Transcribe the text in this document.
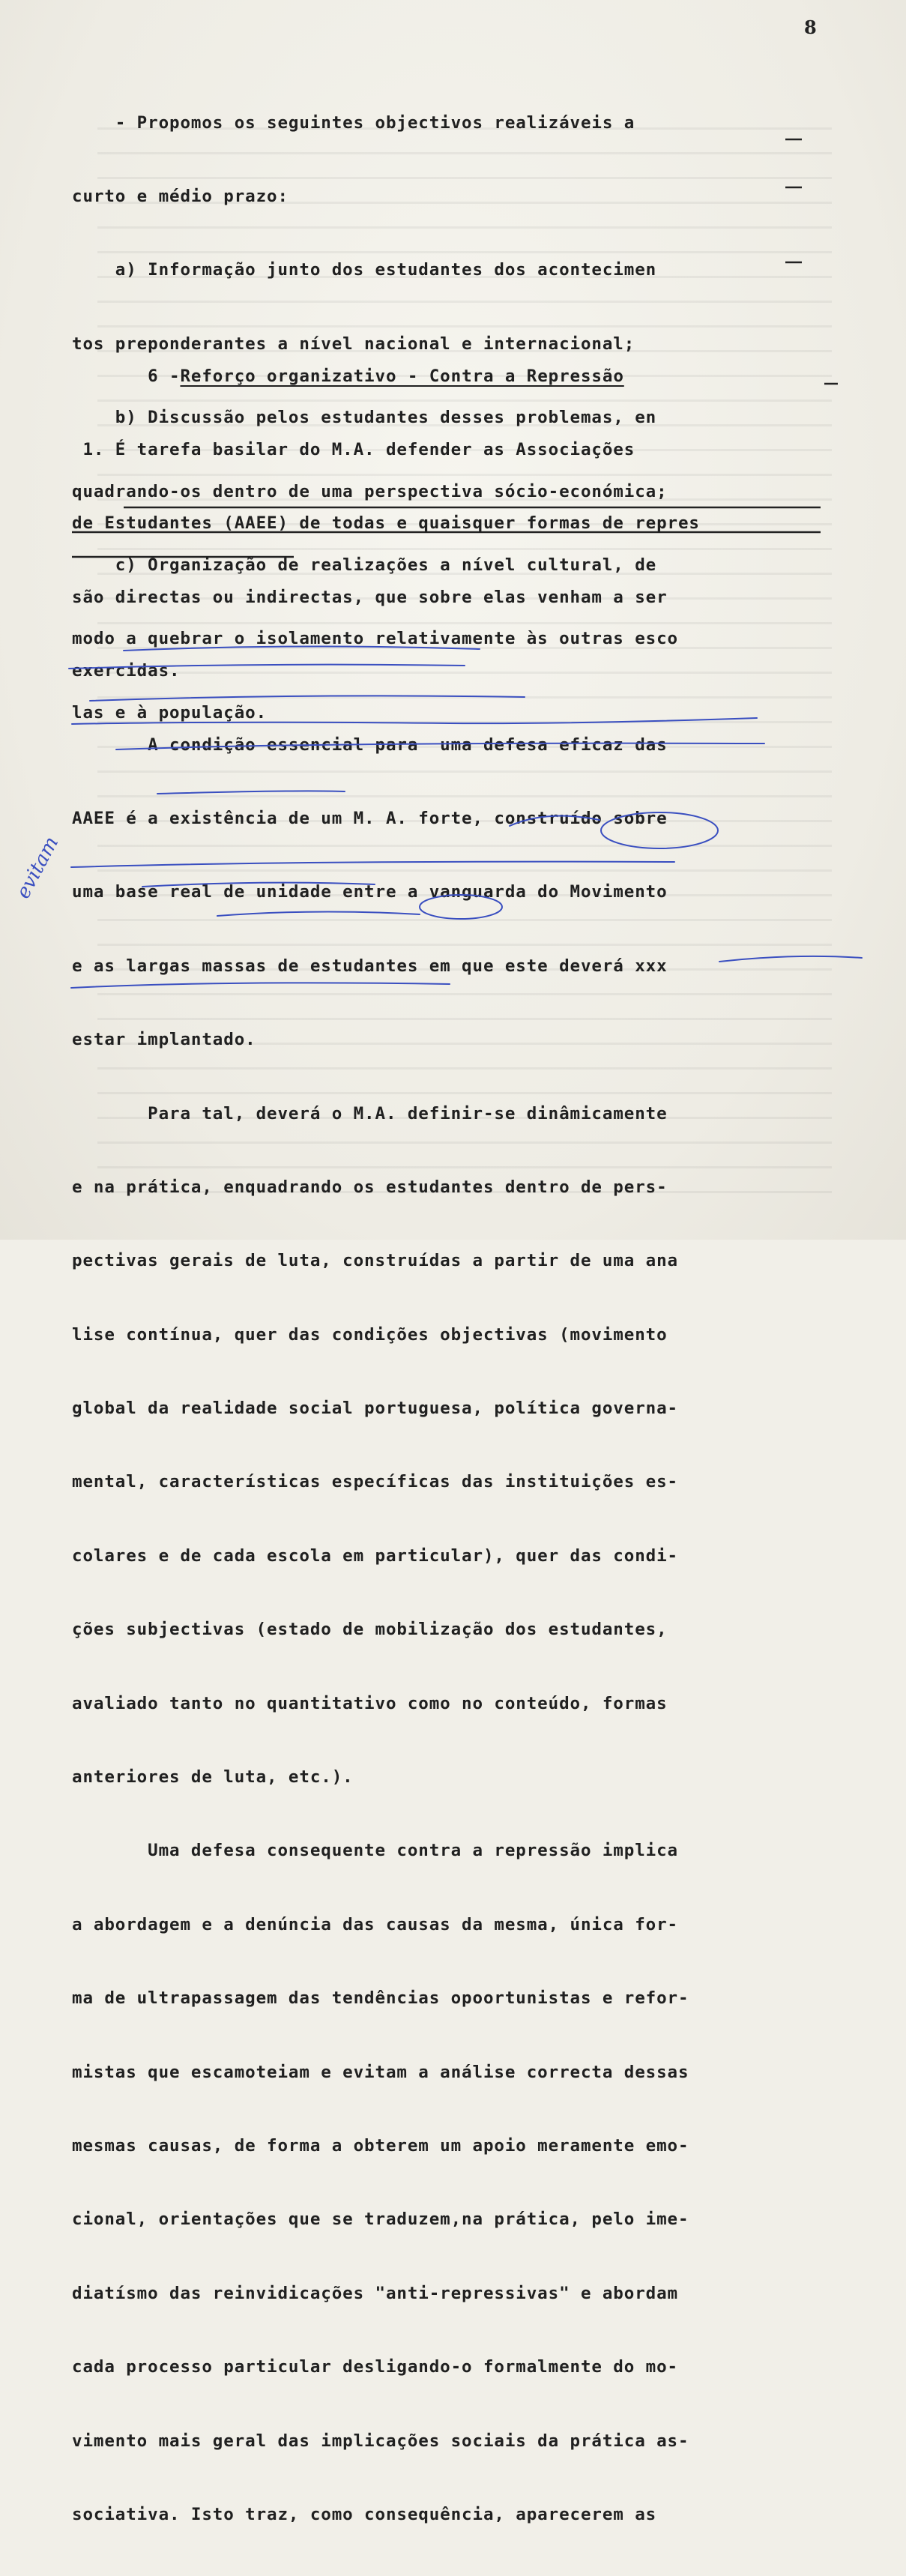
8

- Propomos os seguintes objectivos realizáveis a

curto e médio prazo:

a) Informação junto dos estudantes dos acontecimen

tos preponderantes a nível nacional e internacional;

b) Discussão pelos estudantes desses problemas, en

quadrando-os dentro de uma perspectiva sócio-económica;

c) Organização de realizações a nível cultural, de

modo a quebrar o isolamento relativamente às outras esco

las e à população.

6 -Reforço organizativo - Contra a Repressão

1. É tarefa basilar do M.A. defender as Associações

de Estudantes (AAEE) de todas e quaisquer formas de repres

são directas ou indirectas, que sobre elas venham a ser

exercidas.

A condição essencial para  uma defesa eficaz das

AAEE é a existência de um M. A. forte, construído sobre

uma base real de unidade entre a vanguarda do Movimento

e as largas massas de estudantes em que este deverá xxx

estar implantado.

Para tal, deverá o M.A. definir-se dinâmicamente

e na prática, enquadrando os estudantes dentro de pers-

pectivas gerais de luta, construídas a partir de uma ana

lise contínua, quer das condições objectivas (movimento

global da realidade social portuguesa, política governa-

mental, características específicas das instituições es-

colares e de cada escola em particular), quer das condi-

ções subjectivas (estado de mobilização dos estudantes,

avaliado tanto no quantitativo como no conteúdo, formas

anteriores de luta, etc.).

Uma defesa consequente contra a repressão implica

a abordagem e a denúncia das causas da mesma, única for-

ma de ultrapassagem das tendências opoortunistas e refor-

mistas que escamoteiam e evitam a análise correcta dessas

mesmas causas, de forma a obterem um apoio meramente emo-

cional, orientações que se traduzem,na prática, pelo ime-

diatísmo das reinvidicações "anti-repressivas" e abordam

cada processo particular desligando-o formalmente do mo-

vimento mais geral das implicações sociais da prática as-

sociativa. Isto traz, como consequência, aparecerem as

evitam
